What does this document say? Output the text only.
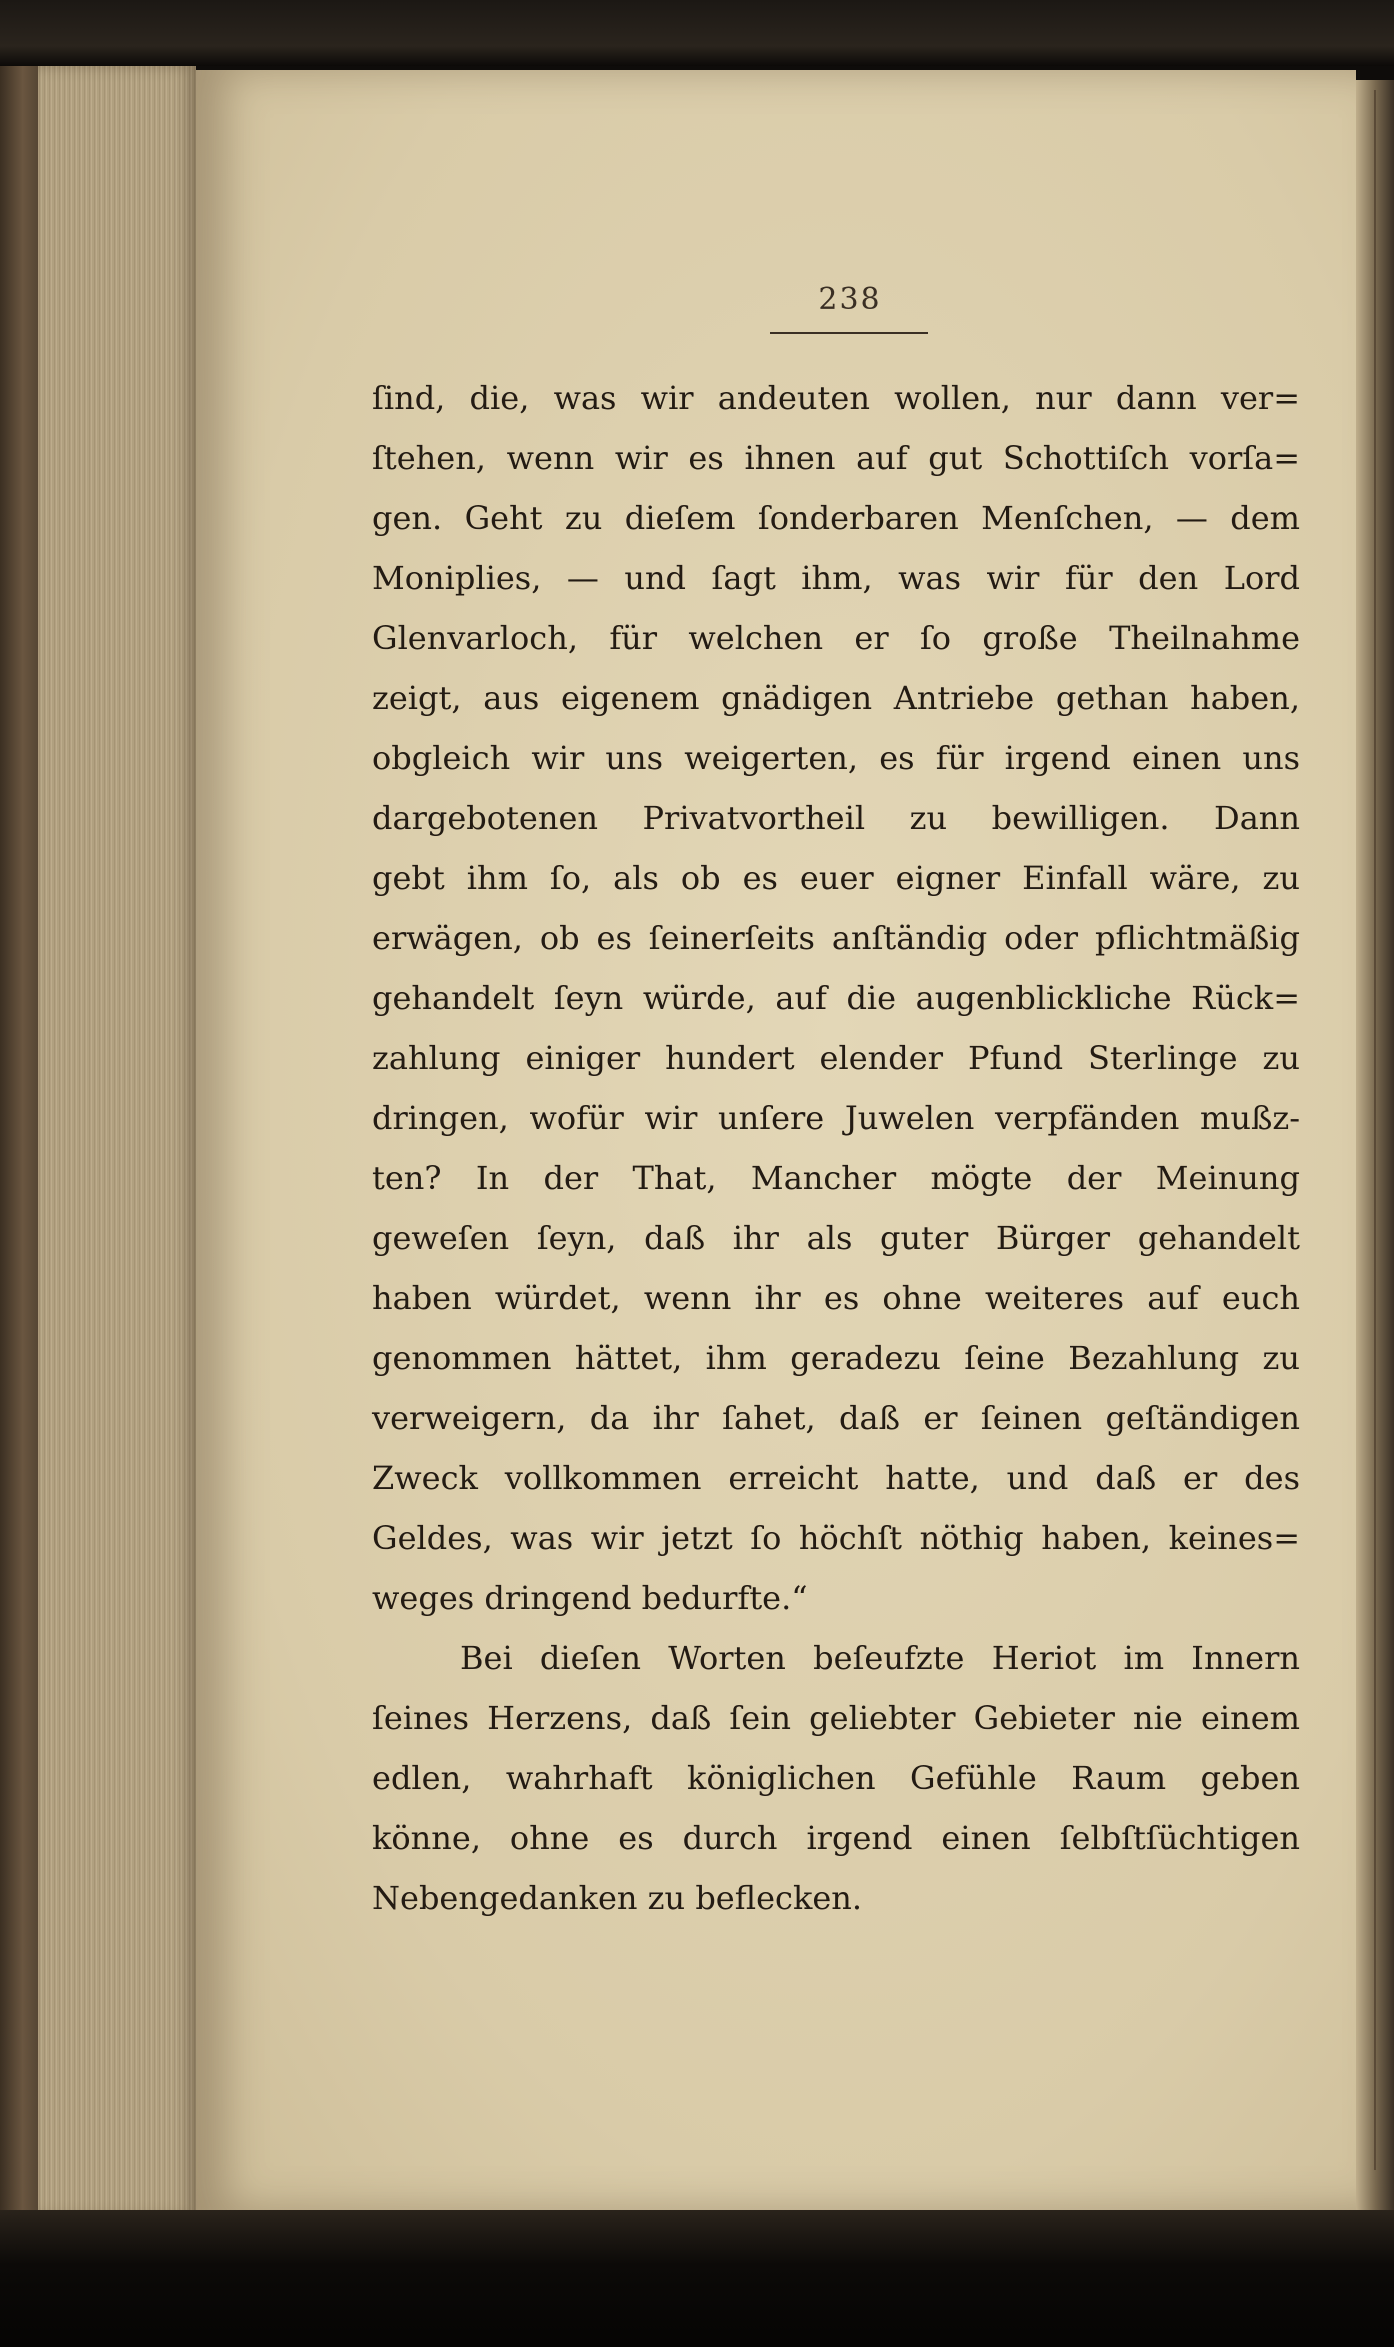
238
ſind, die, was wir andeuten wollen, nur dann ver=
ſtehen, wenn wir es ihnen auf gut Schottiſch vorſa=
gen. Geht zu dieſem ſonderbaren Menſchen, — dem
Moniplies, — und ſagt ihm, was wir für den Lord
Glenvarloch, für welchen er ſo große Theilnahme
zeigt, aus eigenem gnädigen Antriebe gethan haben,
obgleich wir uns weigerten, es für irgend einen uns
dargebotenen Privatvortheil zu bewilligen. Dann
gebt ihm ſo, als ob es euer eigner Einfall wäre, zu
erwägen, ob es ſeinerſeits anſtändig oder pflichtmäßig
gehandelt ſeyn würde, auf die augenblickliche Rück=
zahlung einiger hundert elender Pfund Sterlinge zu
dringen, wofür wir unſere Juwelen verpfänden mußz-
ten? In der That, Mancher mögte der Meinung
geweſen ſeyn, daß ihr als guter Bürger gehandelt
haben würdet, wenn ihr es ohne weiteres auf euch
genommen hättet, ihm geradezu ſeine Bezahlung zu
verweigern, da ihr ſahet, daß er ſeinen geſtändigen
Zweck vollkommen erreicht hatte, und daß er des
Geldes, was wir jetzt ſo höchſt nöthig haben, keines=
weges dringend bedurfte.“
Bei dieſen Worten beſeufzte Heriot im Innern
ſeines Herzens, daß ſein geliebter Gebieter nie einem
edlen, wahrhaft königlichen Gefühle Raum geben
könne, ohne es durch irgend einen ſelbſtſüchtigen
Nebengedanken zu beflecken.
